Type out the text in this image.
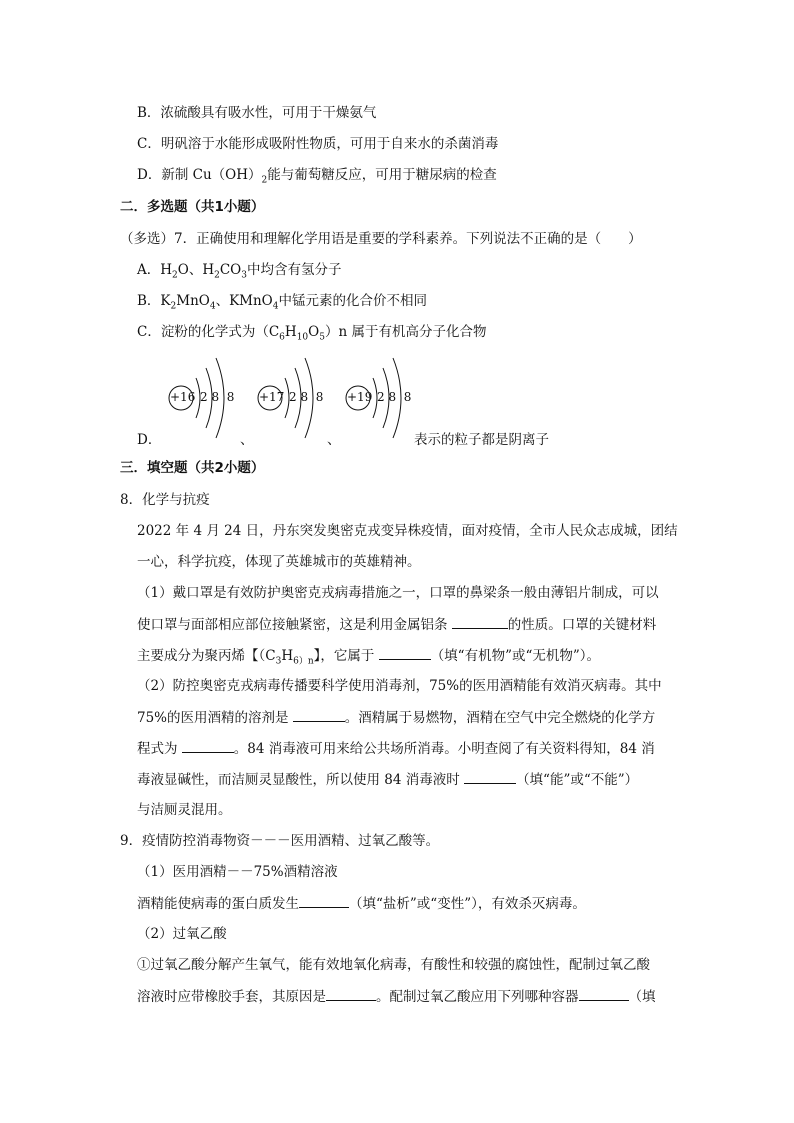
B．浓硫酸具有吸水性，可用于干燥氨气
C．明矾溶于水能形成吸附性物质，可用于自来水的杀菌消毒
D．新制 $Cu(OH)_2$能与葡萄糖反应，可用于糖尿病的检查
二．多选题（共1小题）
（多选）7．正确使用和理解化学用语是重要的学科素养。下列说法不正确的是（　　）
A．$H_2O$、$H_2CO_3$中均含有氢分子
B．$K_2MnO_4$、KMnO$_4$中锰元素的化合价不相同
C．淀粉的化学式为$(C_6H_{10}O_5)n$ 属于有机高分子化合物
+16 2 8  8 +17 2 8  8 +19 2 8  8
D．	、	、	表示的粒子都是阴离子
三．填空题（共2小题）
8．化学与抗疫
2022 年 4 月 24 日，丹东突发奥密克戎变异株疫情，面对疫情，全市人民众志成城，团结
一心，科学抗疫，体现了英雄城市的英雄精神。
（1）戴口罩是有效防护奥密克戎病毒措施之一，口罩的鼻梁条一般由薄铝片制成，可以
使口罩与面部相应部位接触紧密，这是利用金属铝条	的性质。口罩的关键材料
主要成分为聚丙烯【（$C_3H_{6)n}$】，它属于	（填“有机物”或“无机物”）。
（2）防控奥密克戎病毒传播要科学使用消毒剂，75%的医用酒精能有效消灭病毒。其中
75%的医用酒精的溶剂是	。酒精属于易燃物，酒精在空气中完全燃烧的化学方
程式为	。84 消毒液可用来给公共场所消毒。小明查阅了有关资料得知，84 消
毒液显碱性，而洁厕灵显酸性，所以使用 84 消毒液时	（填“能”或“不能”）
与洁厕灵混用。
9．疫情防控消毒物资－－－医用酒精、过氧乙酸等。
（1）医用酒精－－75%酒精溶液
酒精能使病毒的蛋白质发生	（填“盐析”或“变性”），有效杀灭病毒。
（2）过氧乙酸
①过氧乙酸分解产生氧气，能有效地氧化病毒，有酸性和较强的腐蚀性，配制过氧乙酸
溶液时应带橡胶手套，其原因是	。配制过氧乙酸应用下列哪种容器	（填
